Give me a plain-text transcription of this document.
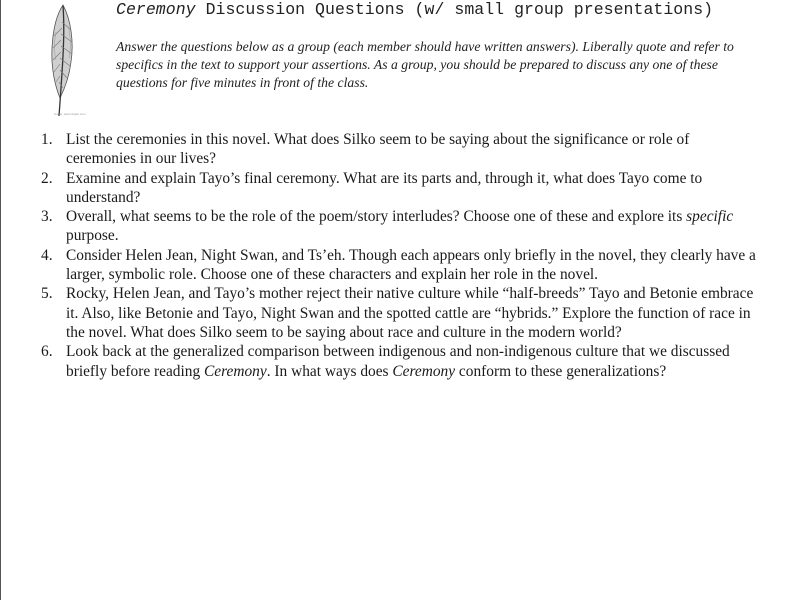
image: www.clipart.com
Ceremony Discussion Questions (w/ small group presentations)
Answer the questions below as a group (each member should have written answers). Liberally quote and refer to specifics in the text to support your assertions. As a group, you should be prepared to discuss any one of these questions for five minutes in front of the class.
1. List the ceremonies in this novel. What does Silko seem to be saying about the significance or role of ceremonies in our lives?
2. Examine and explain Tayo’s final ceremony. What are its parts and, through it, what does Tayo come to understand?
3. Overall, what seems to be the role of the poem/story interludes? Choose one of these and explore its specific purpose.
4. Consider Helen Jean, Night Swan, and Ts’eh. Though each appears only briefly in the novel, they clearly have a larger, symbolic role. Choose one of these characters and explain her role in the novel.
5. Rocky, Helen Jean, and Tayo’s mother reject their native culture while “half-breeds” Tayo and Betonie embrace it. Also, like Betonie and Tayo, Night Swan and the spotted cattle are “hybrids.” Explore the function of race in the novel. What does Silko seem to be saying about race and culture in the modern world?
6. Look back at the generalized comparison between indigenous and non-indigenous culture that we discussed briefly before reading Ceremony. In what ways does Ceremony conform to these generalizations?
